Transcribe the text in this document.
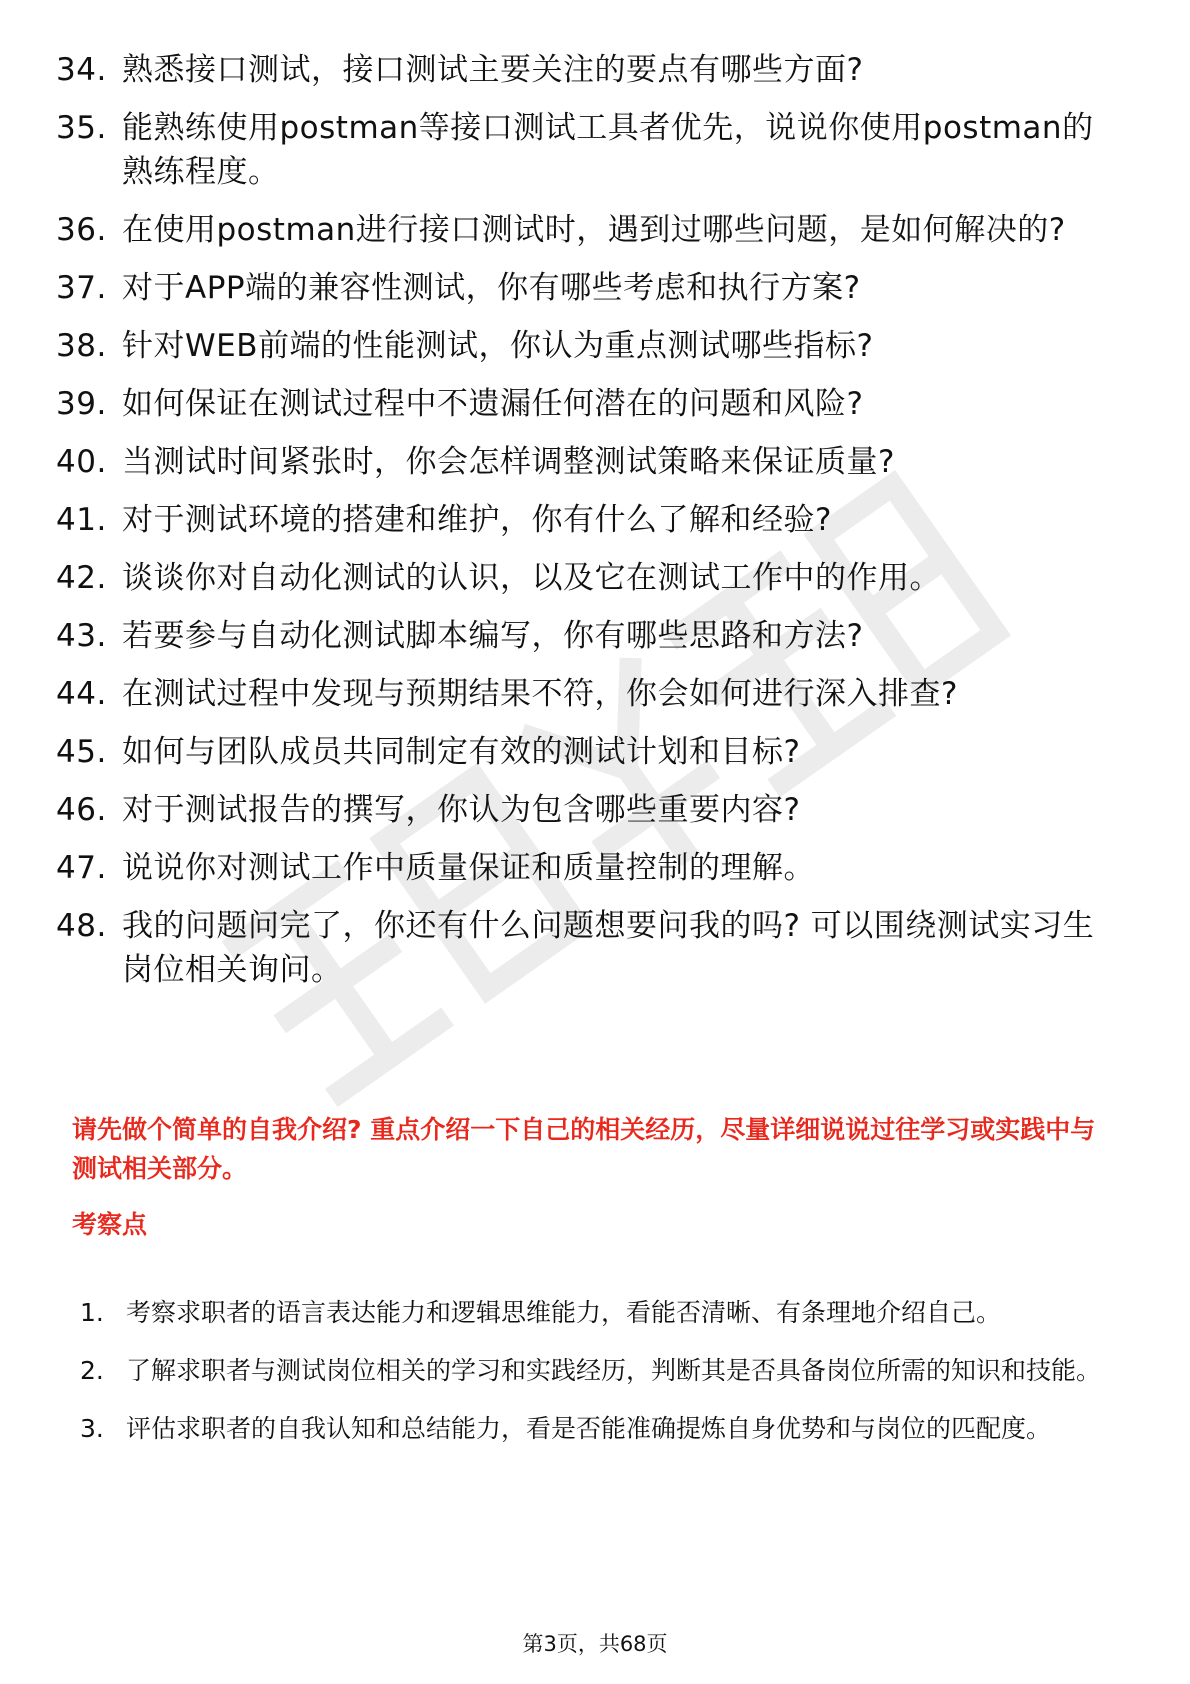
34. 熟悉接口测试，接口测试主要关注的要点有哪些方面?
35. 能熟练使用postman等接口测试工具者优先，说说你使用postman的熟练程度。
36. 在使用postman进行接口测试时，遇到过哪些问题，是如何解决的?
37. 对于APP端的兼容性测试，你有哪些考虑和执行方案?
38. 针对WEB前端的性能测试，你认为重点测试哪些指标?
39. 如何保证在测试过程中不遗漏任何潜在的问题和风险?
40. 当测试时间紧张时，你会怎样调整测试策略来保证质量?
41. 对于测试环境的搭建和维护，你有什么了解和经验?
42. 谈谈你对自动化测试的认识，以及它在测试工作中的作用。
43. 若要参与自动化测试脚本编写，你有哪些思路和方法?
44. 在测试过程中发现与预期结果不符，你会如何进行深入排查?
45. 如何与团队成员共同制定有效的测试计划和目标?
46. 对于测试报告的撰写，你认为包含哪些重要内容?
47. 说说你对测试工作中质量保证和质量控制的理解。
48. 我的问题问完了，你还有什么问题想要问我的吗? 可以围绕测试实习生岗位相关询问。

请先做个简单的自我介绍? 重点介绍一下自己的相关经历，尽量详细说说过往学习或实践中与测试相关部分。

考察点

1. 考察求职者的语言表达能力和逻辑思维能力，看能否清晰、有条理地介绍自己。
2. 了解求职者与测试岗位相关的学习和实践经历，判断其是否具备岗位所需的知识和技能。
3. 评估求职者的自我认知和总结能力，看是否能准确提炼自身优势和与岗位的匹配度。
第3页，共68页
